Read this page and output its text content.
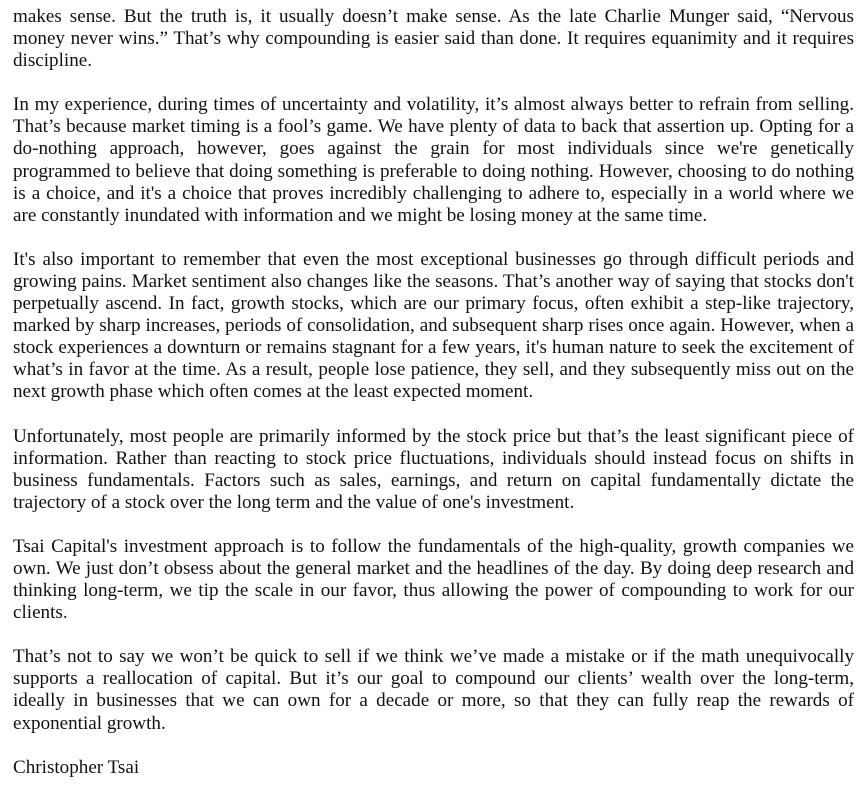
makes sense. But the truth is, it usually doesn’t make sense. As the late Charlie Munger said, “Nervous money never wins.” That’s why compounding is easier said than done. It requires equanimity and it requires discipline.

In my experience, during times of uncertainty and volatility, it’s almost always better to refrain from selling. That’s because market timing is a fool’s game. We have plenty of data to back that assertion up. Opting for a do-nothing approach, however, goes against the grain for most individuals since we're genetically programmed to believe that doing something is preferable to doing nothing. However, choosing to do nothing is a choice, and it's a choice that proves incredibly challenging to adhere to, especially in a world where we are constantly inundated with information and we might be losing money at the same time.

It's also important to remember that even the most exceptional businesses go through difficult periods and growing pains. Market sentiment also changes like the seasons. That’s another way of saying that stocks don't perpetually ascend. In fact, growth stocks, which are our primary focus, often exhibit a step-like trajectory, marked by sharp increases, periods of consolidation, and subsequent sharp rises once again. However, when a stock experiences a downturn or remains stagnant for a few years, it's human nature to seek the excitement of what’s in favor at the time. As a result, people lose patience, they sell, and they subsequently miss out on the next growth phase which often comes at the least expected moment.

Unfortunately, most people are primarily informed by the stock price but that’s the least significant piece of information. Rather than reacting to stock price fluctuations, individuals should instead focus on shifts in business fundamentals. Factors such as sales, earnings, and return on capital fundamentally dictate the trajectory of a stock over the long term and the value of one's investment.

Tsai Capital's investment approach is to follow the fundamentals of the high-quality, growth companies we own. We just don’t obsess about the general market and the headlines of the day. By doing deep research and thinking long-term, we tip the scale in our favor, thus allowing the power of compounding to work for our clients.

That’s not to say we won’t be quick to sell if we think we’ve made a mistake or if the math unequivocally supports a reallocation of capital. But it’s our goal to compound our clients’ wealth over the long-term, ideally in businesses that we can own for a decade or more, so that they can fully reap the rewards of exponential growth.

Christopher Tsai
